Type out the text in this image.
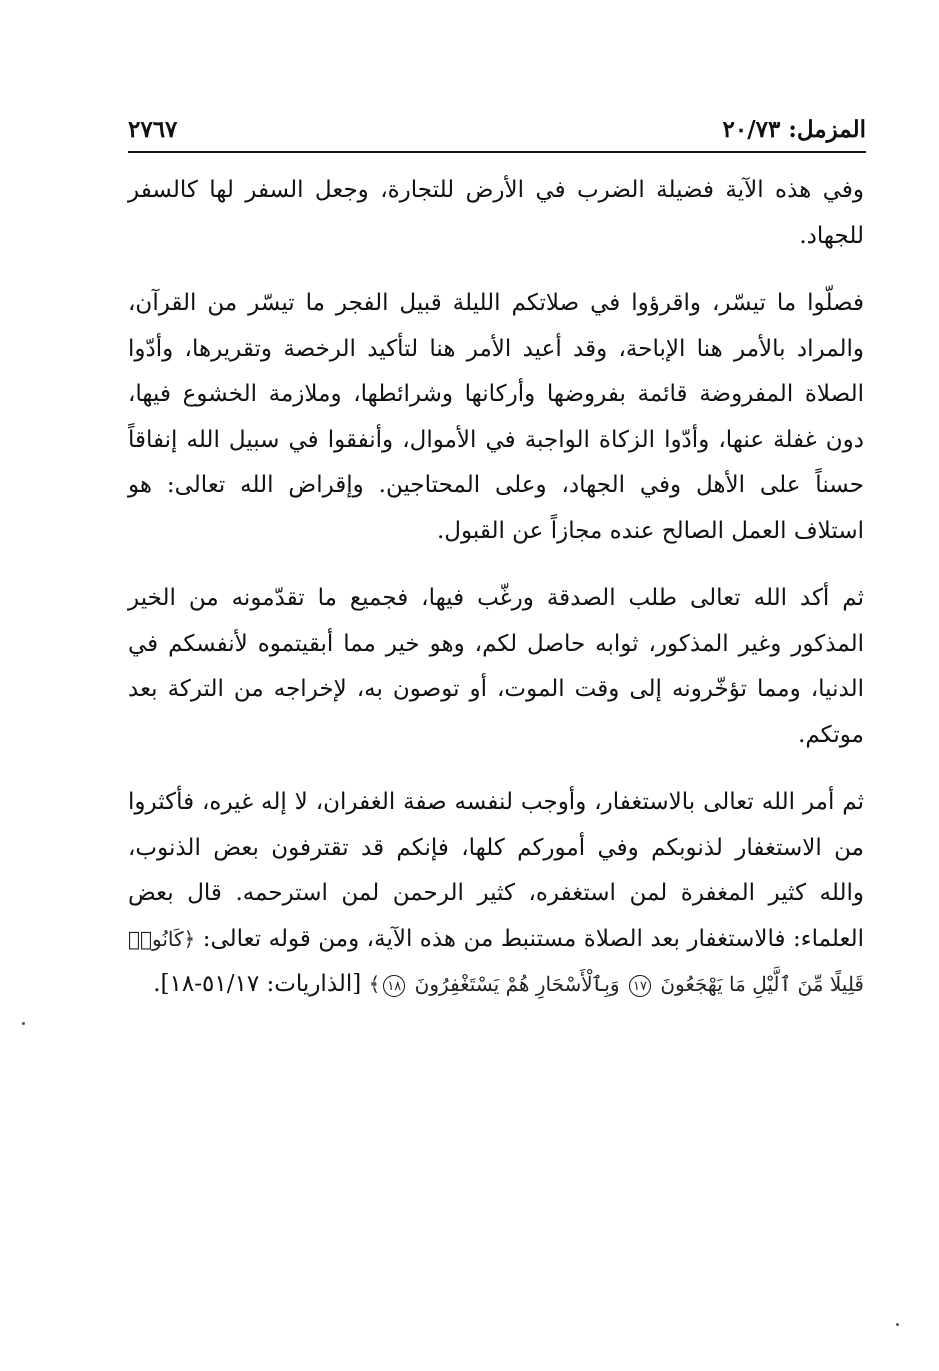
المزمل: ٢٠/٧٣
٢٧٦٧

وفي هذه الآية فضيلة الضرب في الأرض للتجارة، وجعل السفر لها كالسفر للجهاد.

فصلّوا ما تيسّر، واقرؤوا في صلاتكم الليلة قبيل الفجر ما تيسّر من القرآن، والمراد بالأمر هنا الإباحة، وقد أعيد الأمر هنا لتأكيد الرخصة وتقريرها، وأدّوا الصلاة المفروضة قائمة بفروضها وأركانها وشرائطها، وملازمة الخشوع فيها، دون غفلة عنها، وأدّوا الزكاة الواجبة في الأموال، وأنفقوا في سبيل الله إنفاقاً حسناً على الأهل وفي الجهاد، وعلى المحتاجين. وإقراض الله تعالى: هو استلاف العمل الصالح عنده مجازاً عن القبول.

ثم أكد الله تعالى طلب الصدقة ورغّب فيها، فجميع ما تقدّمونه من الخير المذكور وغير المذكور، ثوابه حاصل لكم، وهو خير مما أبقيتموه لأنفسكم في الدنيا، ومما تؤخّرونه إلى وقت الموت، أو توصون به، لإخراجه من التركة بعد موتكم.

ثم أمر الله تعالى بالاستغفار، وأوجب لنفسه صفة الغفران، لا إله غيره، فأكثروا من الاستغفار لذنوبكم وفي أموركم كلها، فإنكم قد تقترفون بعض الذنوب، والله كثير المغفرة لمن استغفره، كثير الرحمن لمن استرحمه. قال بعض العلماء: فالاستغفار بعد الصلاة مستنبط من هذه الآية، ومن قوله تعالى: ﴿كَانُوا۟ قَلِيلًا مِّنَ ٱلَّيْلِ مَا يَهْجَعُونَ ١٧ وَبِٱلْأَسْحَارِ هُمْ يَسْتَغْفِرُونَ ١٨﴾ [الذاريات: ٥١/١٧-١٨].
